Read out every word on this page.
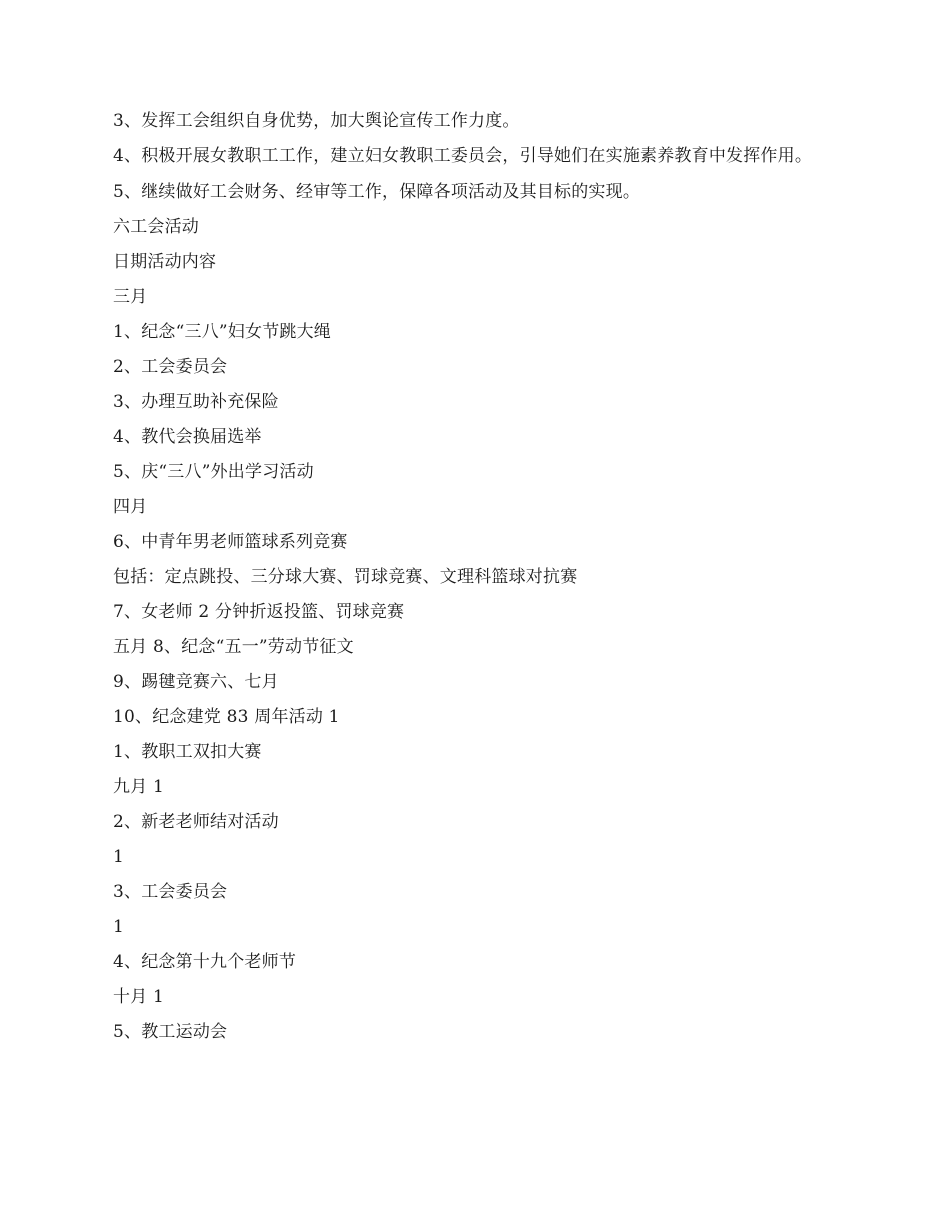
3、发挥工会组织自身优势，加大舆论宣传工作力度。

4、积极开展女教职工工作，建立妇女教职工委员会，引导她们在实施素养教育中发挥作用。

5、继续做好工会财务、经审等工作，保障各项活动及其目标的实现。

六工会活动

日期活动内容

三月

1、纪念“三八”妇女节跳大绳

2、工会委员会

3、办理互助补充保险

4、教代会换届选举

5、庆“三八”外出学习活动

四月

6、中青年男老师篮球系列竞赛

包括：定点跳投、三分球大赛、罚球竞赛、文理科篮球对抗赛

7、女老师 2 分钟折返投篮、罚球竞赛

五月 8、纪念“五一”劳动节征文

9、踢毽竞赛六、七月

10、纪念建党 83 周年活动 1

1、教职工双扣大赛

九月 1

2、新老老师结对活动

1

3、工会委员会

1

4、纪念第十九个老师节

十月 1

5、教工运动会
